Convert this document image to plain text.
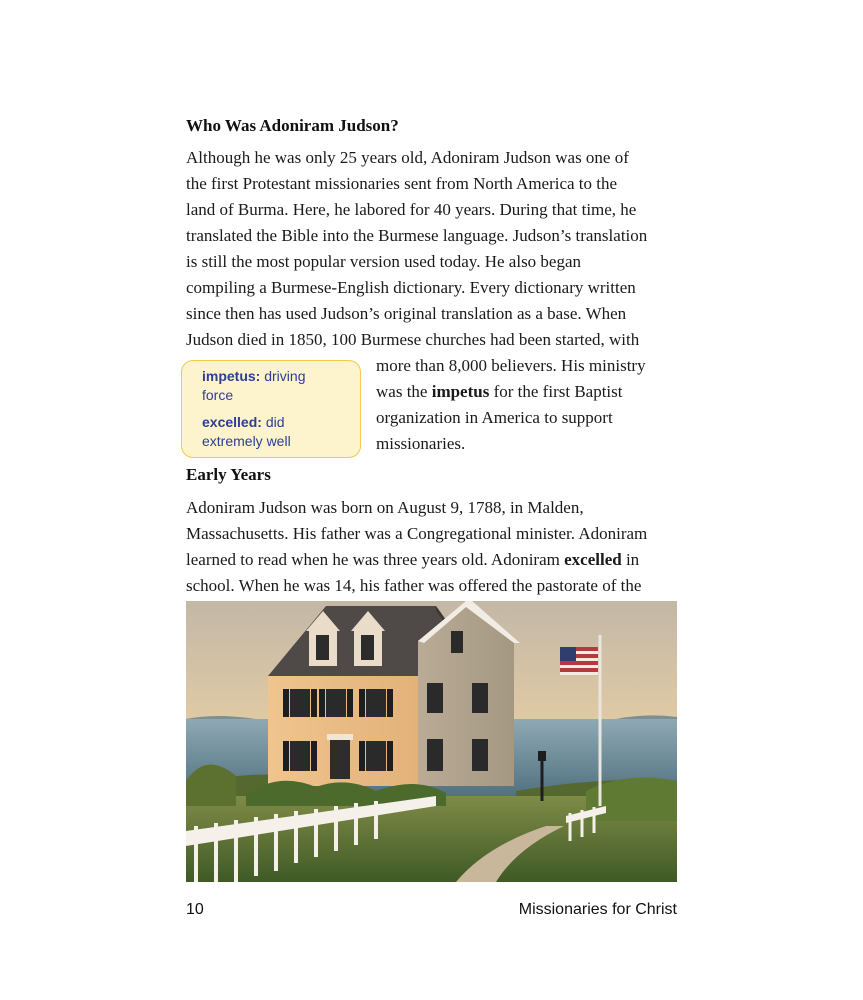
Who Was Adoniram Judson?
Although he was only 25 years old, Adoniram Judson was one of
the first Protestant missionaries sent from North America to the
land of Burma. Here, he labored for 40 years. During that time, he
translated the Bible into the Burmese language. Judson’s translation
is still the most popular version used today. He also began
compiling a Burmese-English dictionary. Every dictionary written
since then has used Judson’s original translation as a base. When
Judson died in 1850, 100 Burmese churches had been started, with
more than 8,000 believers. His ministry
was the impetus for the first Baptist
organization in America to support
missionaries.

impetus: driving
force

excelled: did
extremely well

Early Years
Adoniram Judson was born on August 9, 1788, in Malden,
Massachusetts. His father was a Congregational minister. Adoniram
learned to read when he was three years old. Adoniram excelled in
school. When he was 14, his father was offered the pastorate of the
10	Missionaries for Christ
